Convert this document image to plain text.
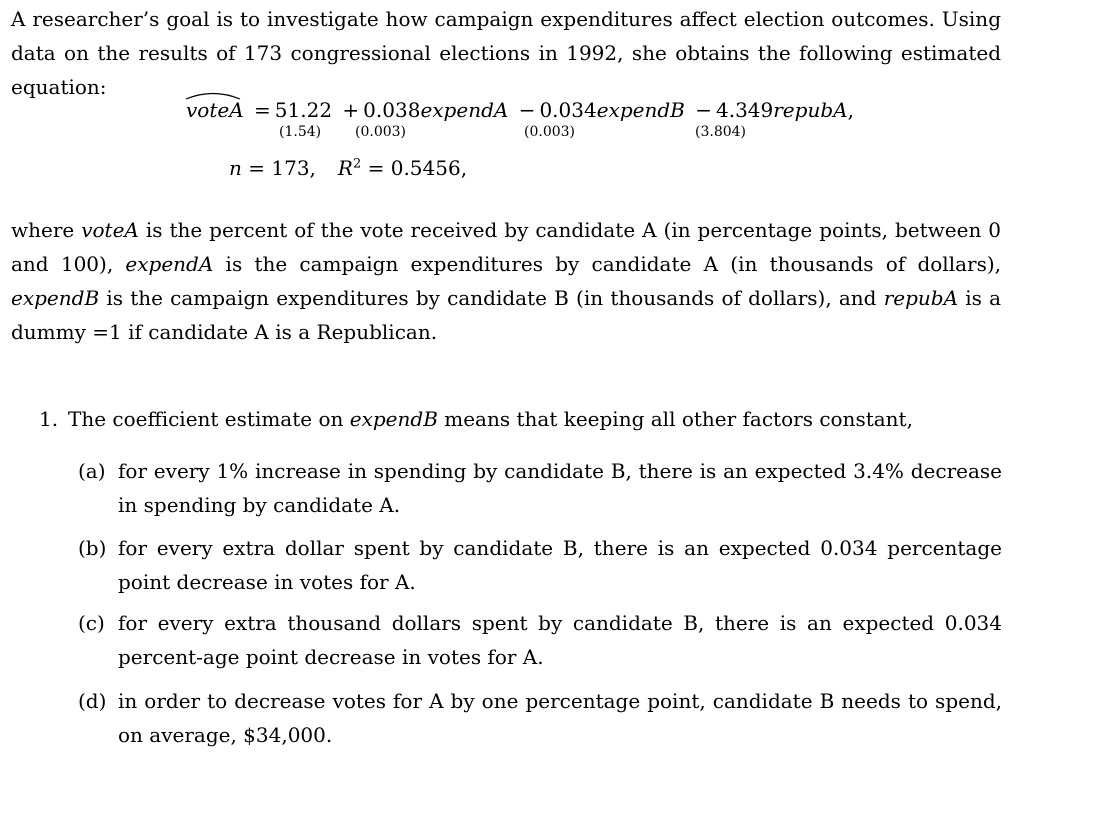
A researcher’s goal is to investigate how campaign expenditures affect election outcomes. Using data on the results of 173 congressional elections in 1992, she obtains the following estimated equation:

voteA = 51.22 + 0.038expendA − 0.034expendB − 4.349repubA,
(1.54) (0.003)	(0.003)	(3.804)
n = 173, $R^2 = 0.5456$,

where voteA is the percent of the vote received by candidate A (in percentage points, between 0 and 100), expendA is the campaign expenditures by candidate A (in thousands of dollars), expendB is the campaign expenditures by candidate B (in thousands of dollars), and repubA is a dummy =1 if candidate A is a Republican.

1. The coefficient estimate on expendB means that keeping all other factors constant,
(a) for every 1% increase in spending by candidate B, there is an expected 3.4% decrease in spending by candidate A.
(b) for every extra dollar spent by candidate B, there is an expected 0.034 percentage point decrease in votes for A.
(c) for every extra thousand dollars spent by candidate B, there is an expected 0.034 percent-age point decrease in votes for A.
(d) in order to decrease votes for A by one percentage point, candidate B needs to spend, on average, $34,000.
